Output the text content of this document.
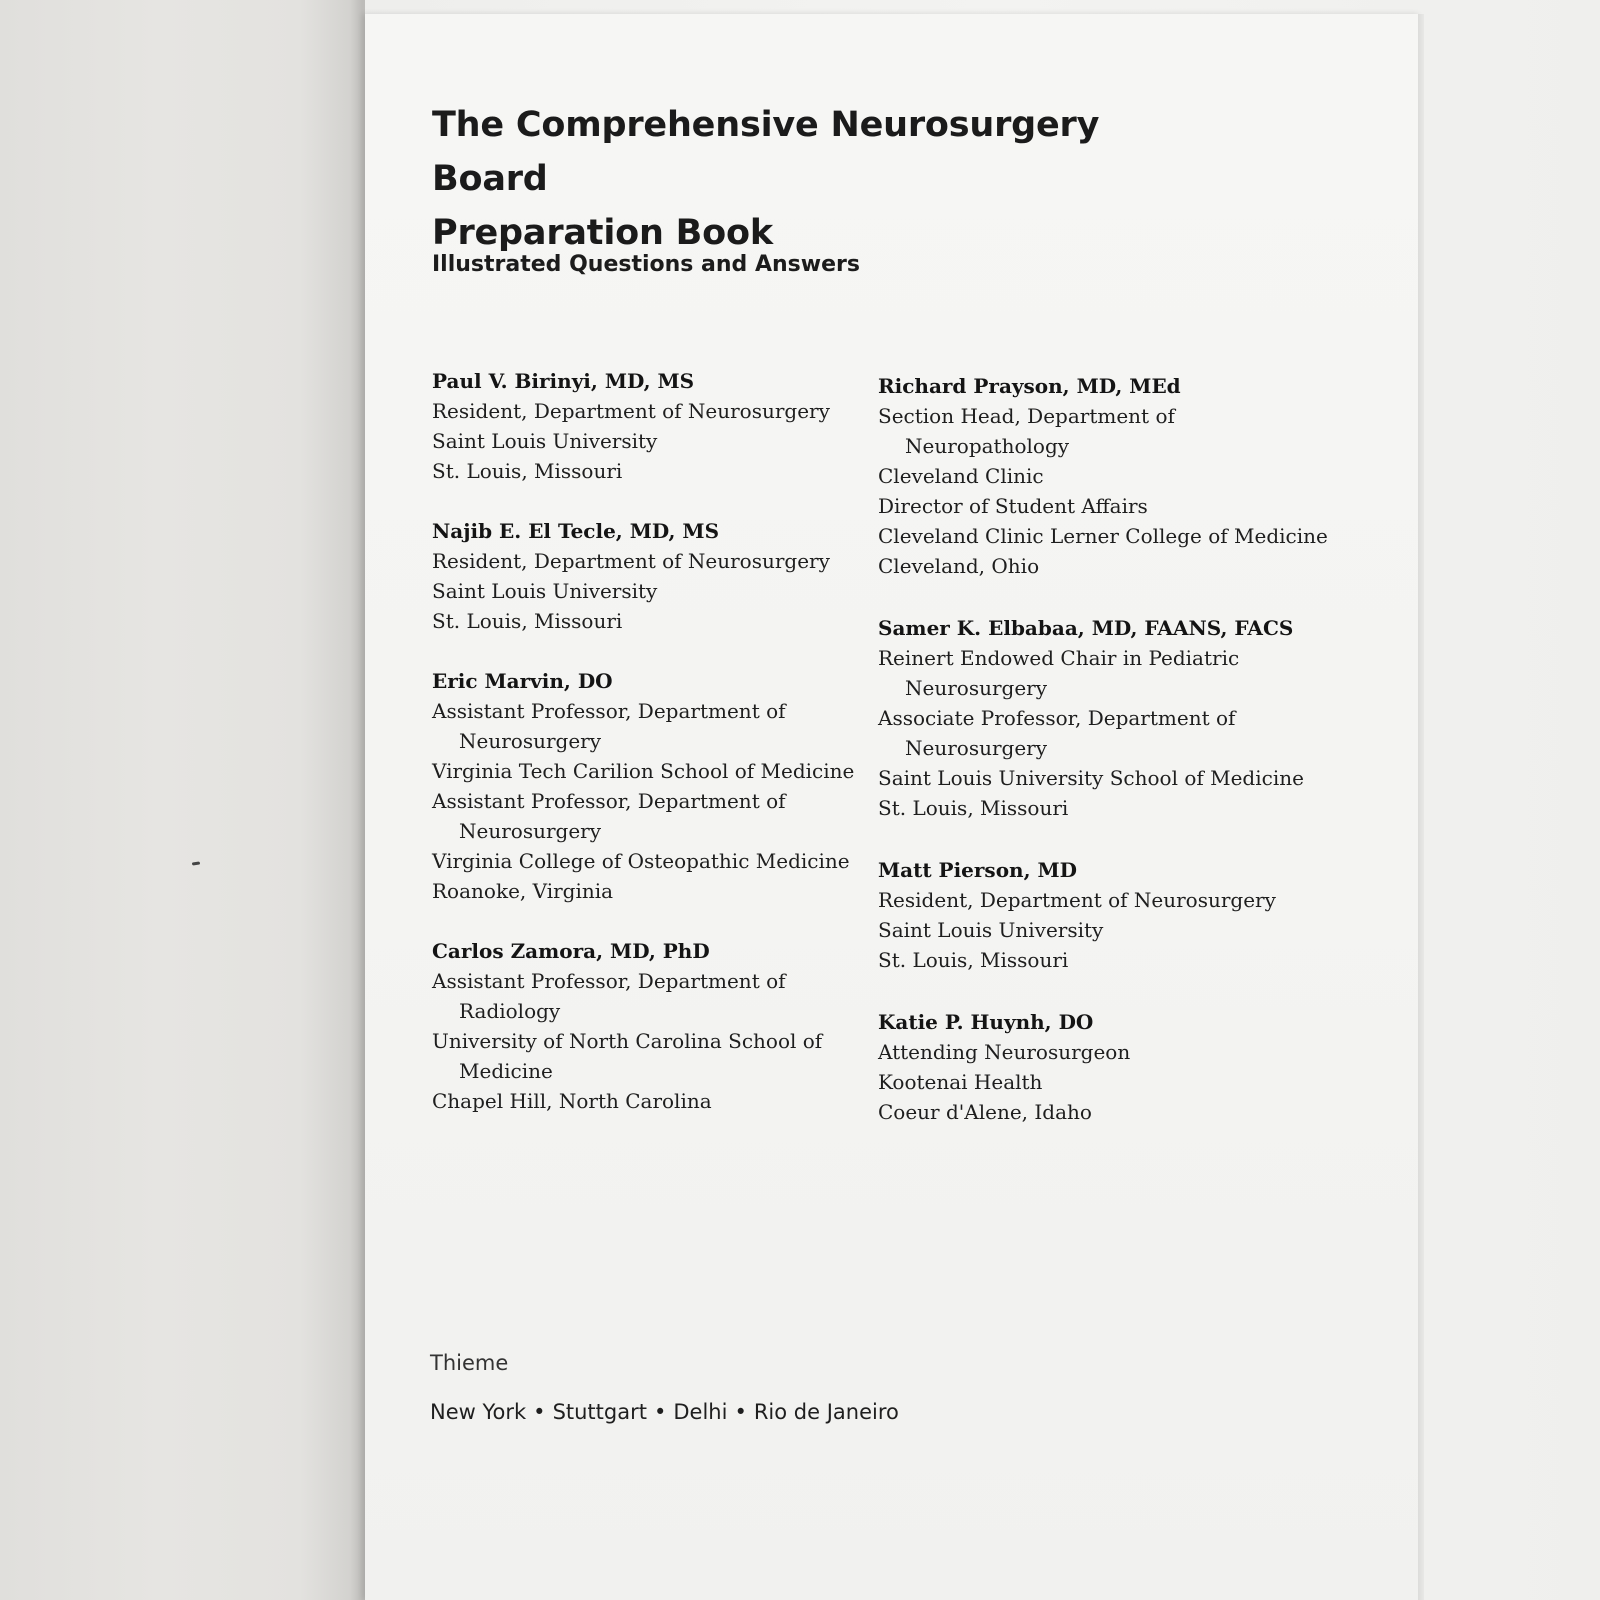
The Comprehensive Neurosurgery Board
Preparation Book
Illustrated Questions and Answers
Paul V. Birinyi, MD, MS
Resident, Department of Neurosurgery
Saint Louis University
St. Louis, Missouri
Najib E. El Tecle, MD, MS
Resident, Department of Neurosurgery
Saint Louis University
St. Louis, Missouri
Eric Marvin, DO
Assistant Professor, Department of
Neurosurgery
Virginia Tech Carilion School of Medicine
Assistant Professor, Department of
Neurosurgery
Virginia College of Osteopathic Medicine
Roanoke, Virginia
Carlos Zamora, MD, PhD
Assistant Professor, Department of
Radiology
University of North Carolina School of
Medicine
Chapel Hill, North Carolina
Richard Prayson, MD, MEd
Section Head, Department of
Neuropathology
Cleveland Clinic
Director of Student Affairs
Cleveland Clinic Lerner College of Medicine
Cleveland, Ohio
Samer K. Elbabaa, MD, FAANS, FACS
Reinert Endowed Chair in Pediatric
Neurosurgery
Associate Professor, Department of
Neurosurgery
Saint Louis University School of Medicine
St. Louis, Missouri
Matt Pierson, MD
Resident, Department of Neurosurgery
Saint Louis University
St. Louis, Missouri
Katie P. Huynh, DO
Attending Neurosurgeon
Kootenai Health
Coeur d'Alene, Idaho
Thieme
New York • Stuttgart • Delhi • Rio de Janeiro
